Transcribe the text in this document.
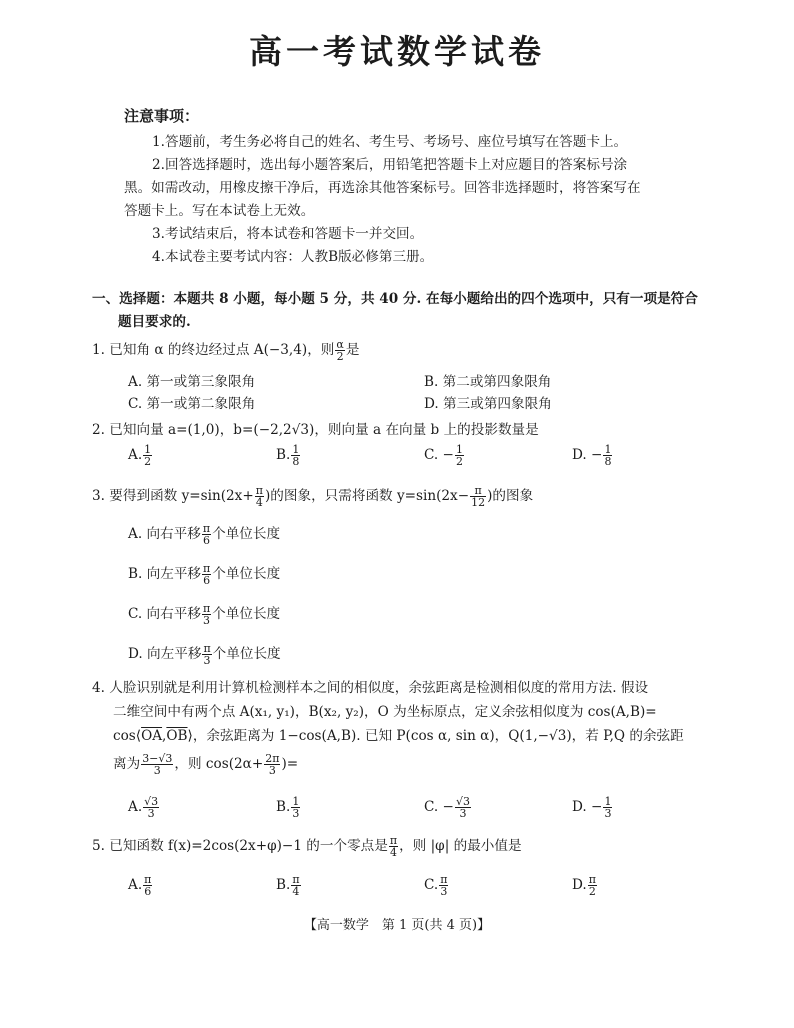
高一考试数学试卷
注意事项：
1.答题前，考生务必将自己的姓名、考生号、考场号、座位号填写在答题卡上。
2.回答选择题时，选出每小题答案后，用铅笔把答题卡上对应题目的答案标号涂
黑。如需改动，用橡皮擦干净后，再选涂其他答案标号。回答非选择题时，将答案写在
答题卡上。写在本试卷上无效。
3.考试结束后，将本试卷和答题卡一并交回。
4.本试卷主要考试内容：人教B版必修第三册。
一、选择题：本题共 8 小题，每小题 5 分，共 40 分. 在每小题给出的四个选项中，只有一项是符合
题目要求的.
1. 已知角 α 的终边经过点 A(−3,4)，则 $\frac{\alpha}{2}$ 是
A. 第一或第三象限角	B. 第二或第四象限角
C. 第一或第二象限角	D. 第三或第四象限角
2. 已知向量 a=(1,0)，b=(−2,2√3)，则向量 a 在向量 b 上的投影数量是
A. $\frac{1}{2}$	B. $\frac{1}{8}$	C. − $\frac{1}{2}$	D. − $\frac{1}{8}$
3. 要得到函数 $y=\sin(2x+ \frac{\pi}{4}$ )的图象，只需将函数 $y=\sin(2x- \frac{\pi}{12}$ )的图象
A. 向右平移 $\frac{\pi}{6}$ 个单位长度
B. 向左平移 $\frac{\pi}{6}$ 个单位长度
C. 向右平移 $\frac{\pi}{3}$ 个单位长度
D. 向左平移 $\frac{\pi}{3}$ 个单位长度
4. 人脸识别就是利用计算机检测样本之间的相似度，余弦距离是检测相似度的常用方法. 假设
二维空间中有两个点 A(x₁, y₁)，B(x₂, y₂)，O 为坐标原点，定义余弦相似度为 cos(A,B)=
$\cos⟨\overline{OA},\overline{OB}⟩$，余弦距离为 1−cos(A,B). 已知 P(cos α, sin α)，Q(1,−√3)，若 P,Q 的余弦距
离为 $\frac{3-√3}{3}$ ，则 $\cos(2\alpha+ \frac{2\pi}{3}$ )=
A. $\frac{√3}{3}$	B. $\frac{1}{3}$	C. − $\frac{√3}{3}$	D. − $\frac{1}{3}$
5. 已知函数 f(x)=2cos(2x+φ)−1 的一个零点是 $\frac{\pi}{4}$ ，则 |φ| 的最小值是
A. $\frac{\pi}{6}$	B. $\frac{\pi}{4}$	C. $\frac{\pi}{3}$	D. $\frac{\pi}{2}$
【高一数学　第 1 页(共 4 页)】
